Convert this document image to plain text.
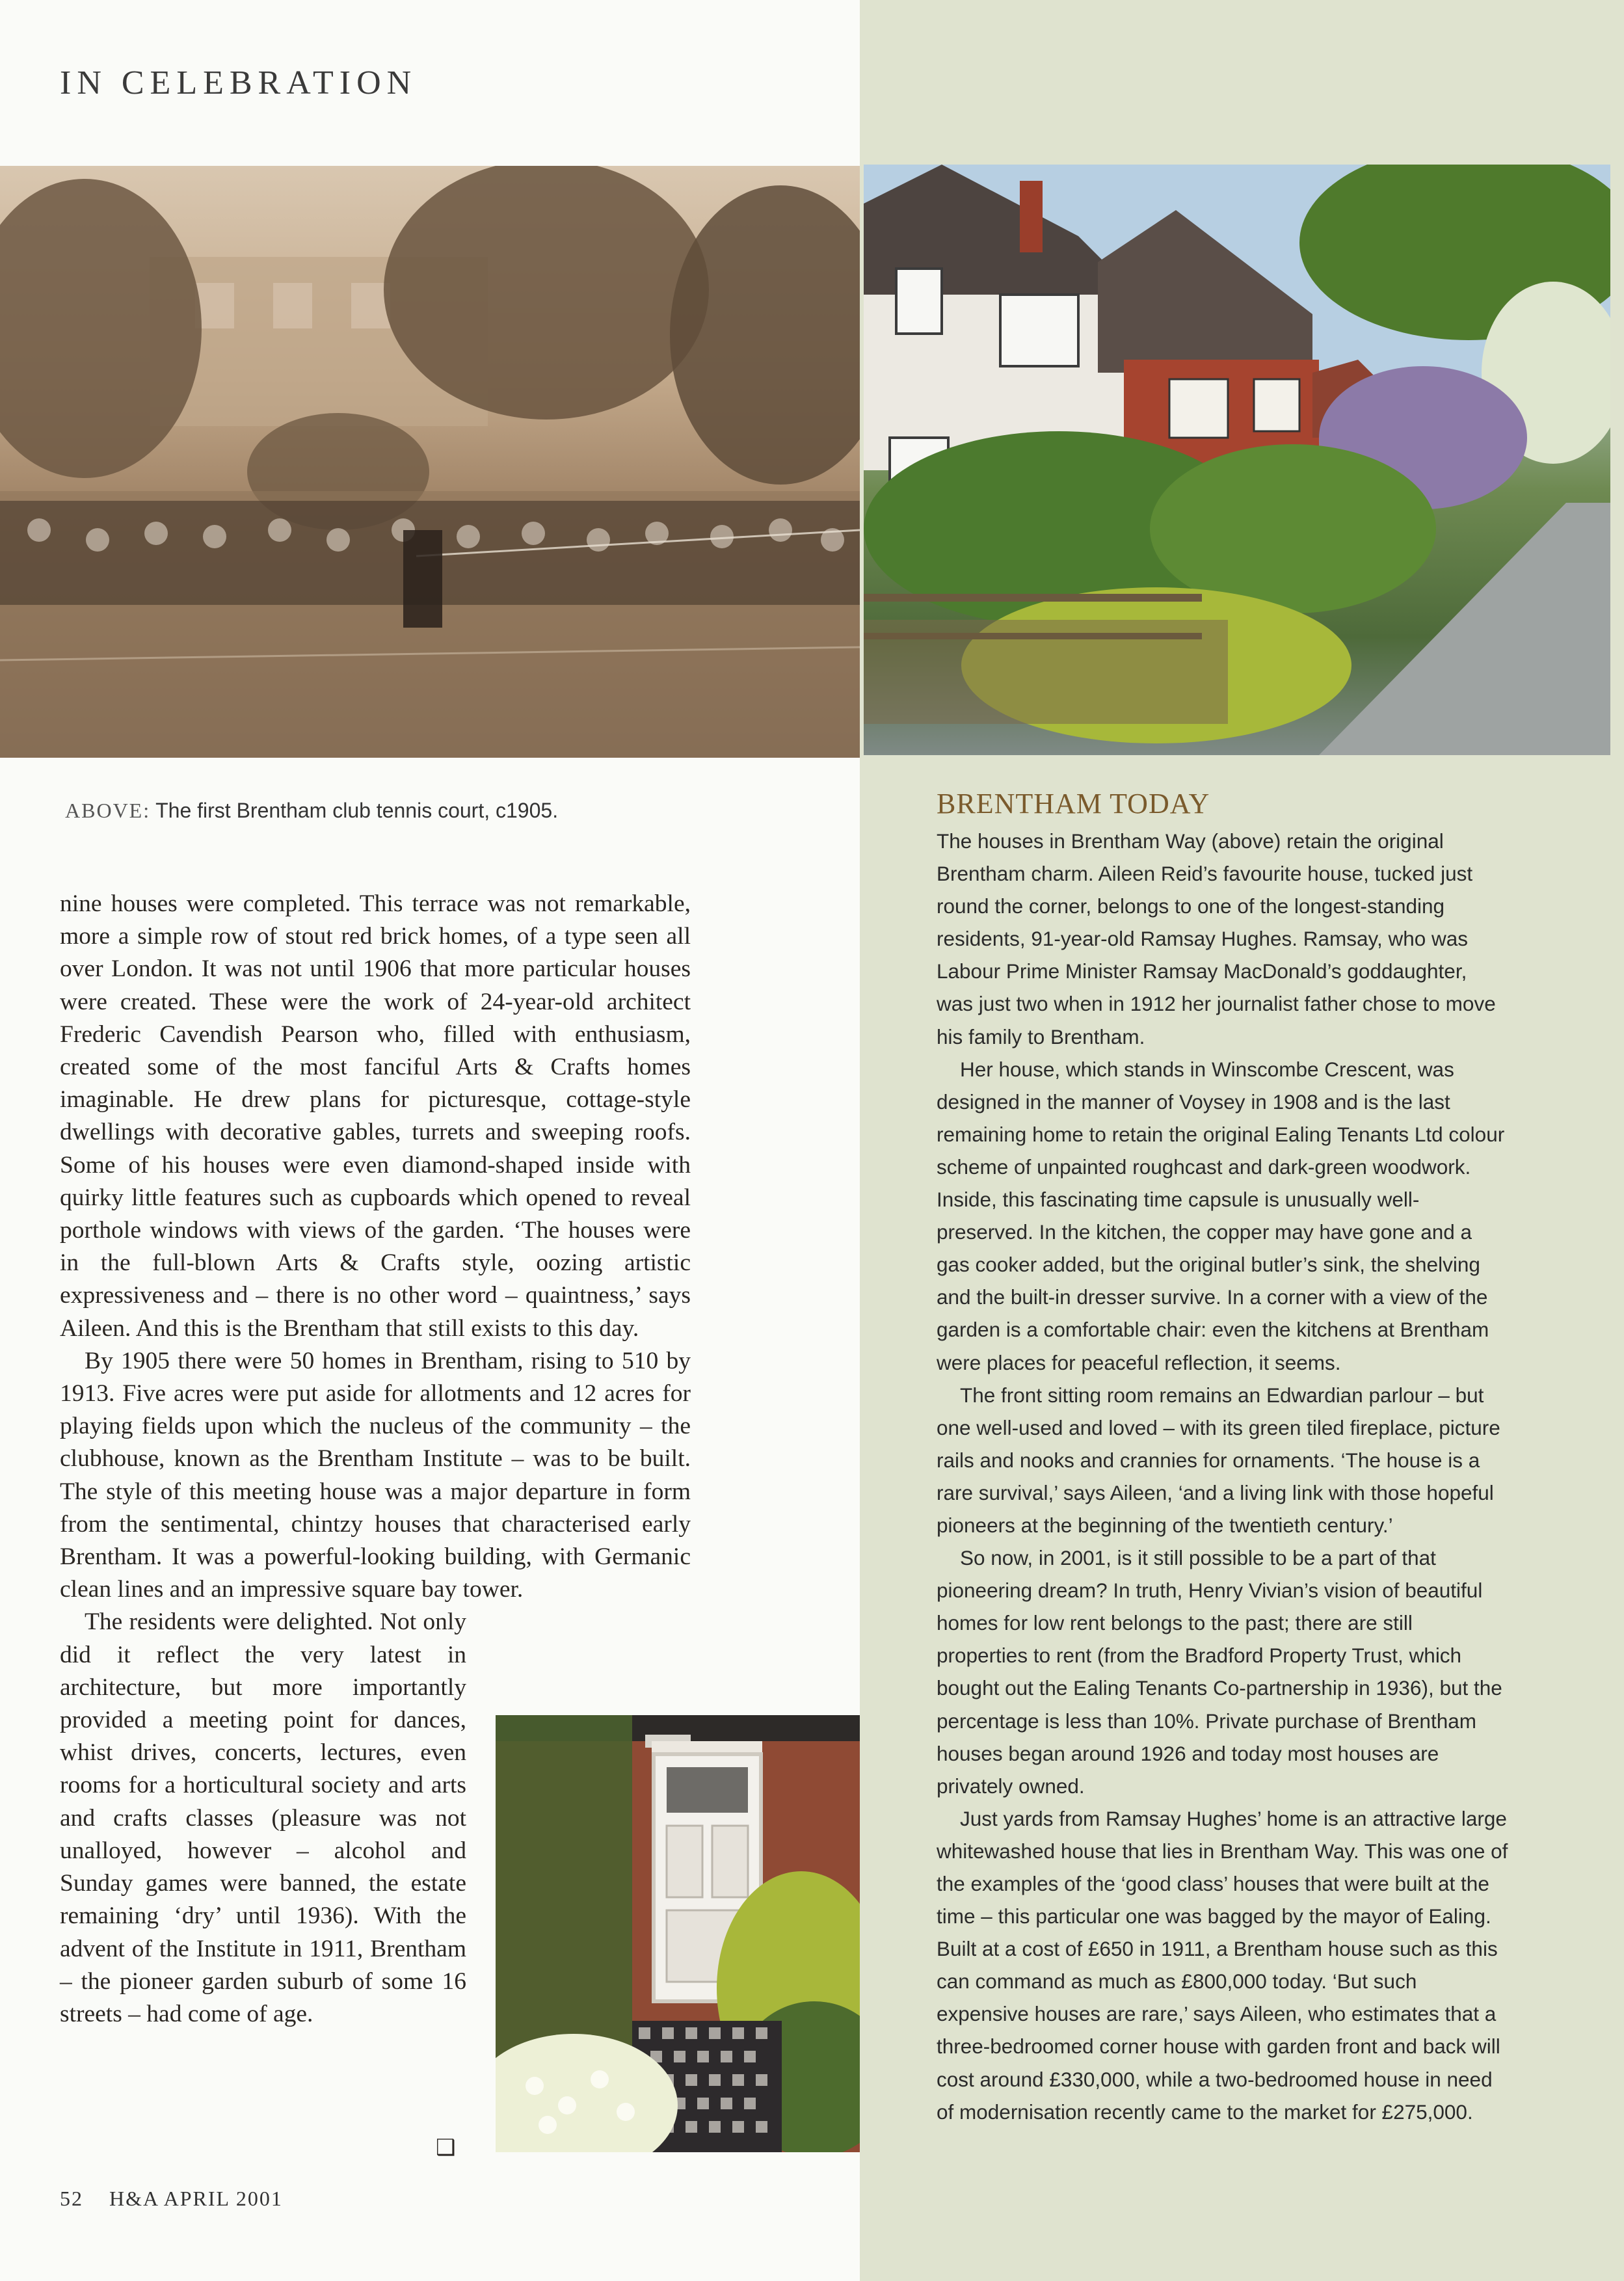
IN CELEBRATION
ABOVE: The first Brentham club tennis court, c1905.

nine houses were completed. This terrace was not remarkable, more a simple row of stout red brick homes, of a type seen all over London. It was not until 1906 that more particular houses were created. These were the work of 24-year-old architect Frederic Cavendish Pearson who, filled with enthusiasm, created some of the most fanciful Arts & Crafts homes imaginable. He drew plans for picturesque, cottage-style dwellings with decorative gables, turrets and sweeping roofs. Some of his houses were even diamond-shaped inside with quirky little features such as cupboards which opened to reveal porthole windows with views of the garden. ‘The houses were in the full-blown Arts & Crafts style, oozing artistic expressiveness and – there is no other word – quaintness,’ says Aileen. And this is the Brentham that still exists to this day.

By 1905 there were 50 homes in Brentham, rising to 510 by 1913. Five acres were put aside for allotments and 12 acres for playing fields upon which the nucleus of the community – the clubhouse, known as the Brentham Institute – was to be built. The style of this meeting house was a major departure in form from the sentimental, chintzy houses that characterised early Brentham. It was a powerful-looking building, with Germanic clean lines and an impressive square bay tower.

The residents were delighted. Not only did it reflect the very latest in architecture, but more importantly provided a meeting point for dances, whist drives, concerts, lectures, even rooms for a horticultural society and arts and crafts classes (pleasure was not unalloyed, however – alcohol and Sunday games were banned, the estate remaining ‘dry’ until 1936). With the advent of the Institute in 1911, Brentham – the pioneer garden suburb of some 16 streets – had come of age.

❑
BRENTHAM TODAY

The houses in Brentham Way (above) retain the original Brentham charm. Aileen Reid’s favourite house, tucked just round the corner, belongs to one of the longest-standing residents, 91-year-old Ramsay Hughes. Ramsay, who was Labour Prime Minister Ramsay MacDonald’s goddaughter, was just two when in 1912 her journalist father chose to move his family to Brentham.

Her house, which stands in Winscombe Crescent, was designed in the manner of Voysey in 1908 and is the last remaining home to retain the original Ealing Tenants Ltd colour scheme of unpainted roughcast and dark-green woodwork. Inside, this fascinating time capsule is unusually well-preserved. In the kitchen, the copper may have gone and a gas cooker added, but the original butler’s sink, the shelving and the built-in dresser survive. In a corner with a view of the garden is a comfortable chair: even the kitchens at Brentham were places for peaceful reflection, it seems.

The front sitting room remains an Edwardian parlour – but one well-used and loved – with its green tiled fireplace, picture rails and nooks and crannies for ornaments. ‘The house is a rare survival,’ says Aileen, ‘and a living link with those hopeful pioneers at the beginning of the twentieth century.’

So now, in 2001, is it still possible to be a part of that pioneering dream? In truth, Henry Vivian’s vision of beautiful homes for low rent belongs to the past; there are still properties to rent (from the Bradford Property Trust, which bought out the Ealing Tenants Co-partnership in 1936), but the percentage is less than 10%. Private purchase of Brentham houses began around 1926 and today most houses are privately owned.

Just yards from Ramsay Hughes’ home is an attractive large whitewashed house that lies in Brentham Way. This was one of the examples of the ‘good class’ houses that were built at the time – this particular one was bagged by the mayor of Ealing. Built at a cost of £650 in 1911, a Brentham house such as this can command as much as £800,000 today. ‘But such expensive houses are rare,’ says Aileen, who estimates that a three-bedroomed corner house with garden front and back will cost around £330,000, while a two-bedroomed house in need of modernisation recently came to the market for £275,000.

52 H&A APRIL 2001
